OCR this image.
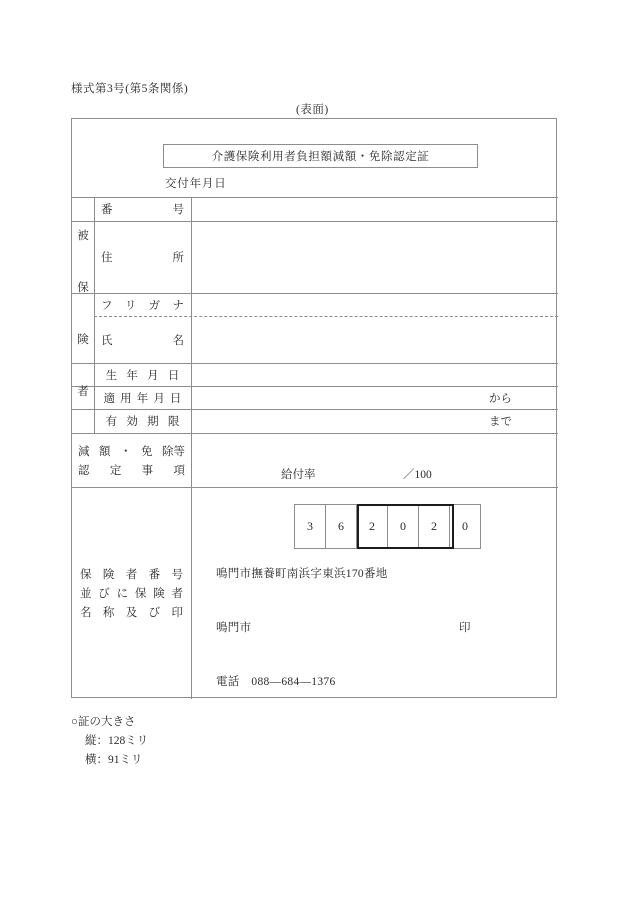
様式第3号(第5条関係)
(表面)
介護保険利用者負担額減額・免除認定証
交付年月日
被
保
険
者
番	号
住	所
フ リ ガ ナ
氏	名
生 年 月 日
適 用 年 月 日	から
有 効 期 限	まで
減 額 ・ 免 除等
認 定 事 項	給付率	／100
保 険 者 番 号
並 び に 保 険 者
名 称 及 び 印
3	6	2	0	2	0
鳴門市撫養町南浜字東浜170番地
鳴門市	印
電話　088—684—1376
○証の大きさ
縦：128ミリ
横：91ミリ
